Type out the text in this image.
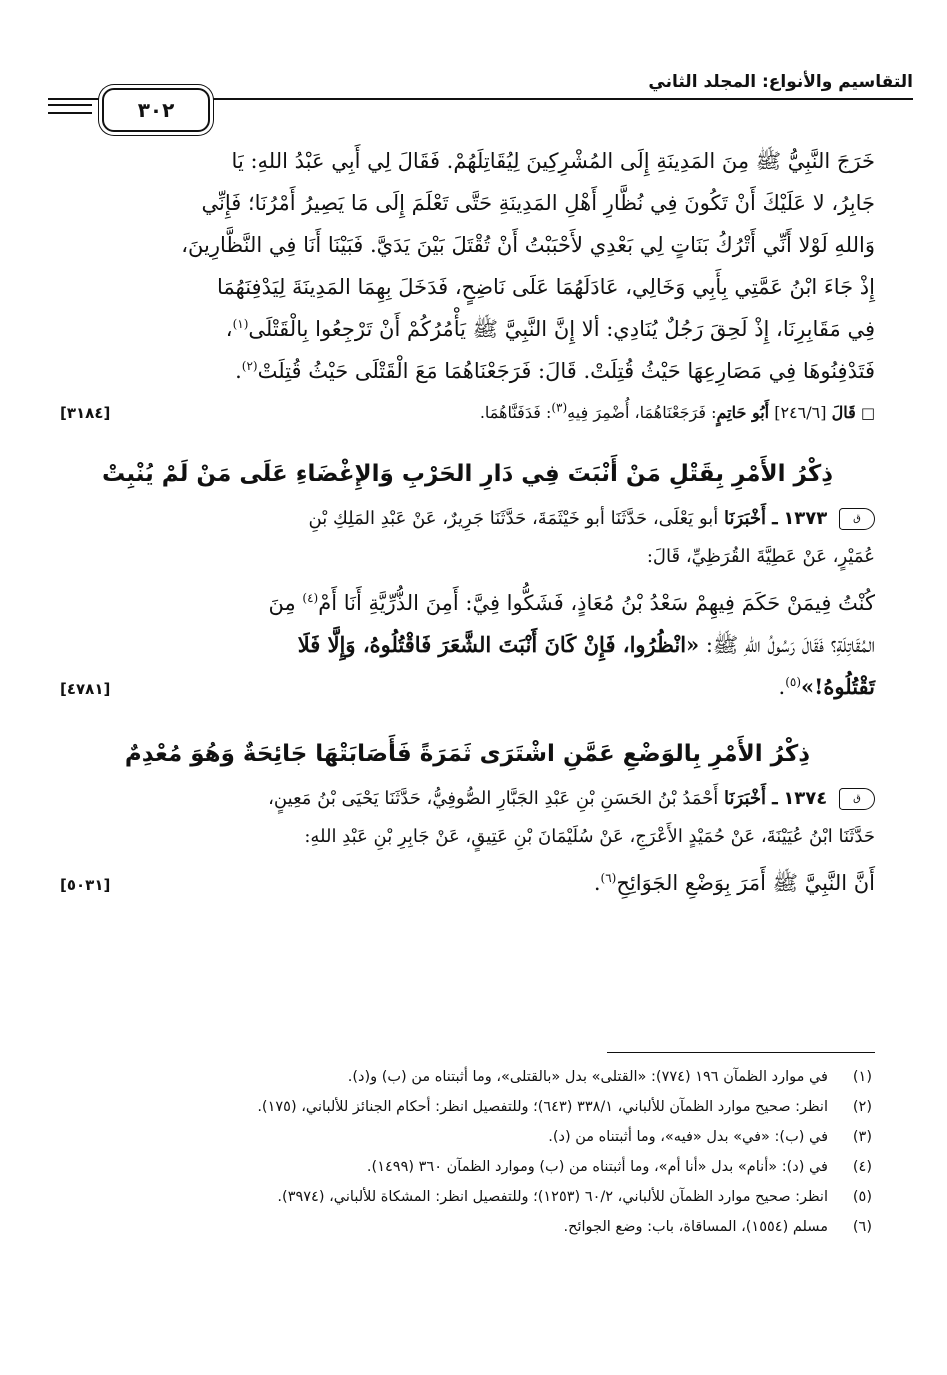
التقاسيم والأنواع: المجلد الثاني
٣٠٢

خَرَجَ النَّبِيُّ ﷺ مِنَ المَدِينَةِ إِلَى المُشْرِكِينَ لِيُقَاتِلَهُمْ. فَقَالَ لِي أَبِي عَبْدُ اللهِ: يَا

جَابِرُ، لا عَلَيْكَ أَنْ تَكُونَ فِي نُظَّارِ أَهْلِ المَدِينَةِ حَتَّى تَعْلَمَ إِلَى مَا يَصِيرُ أَمْرُنَا؛ فَإِنِّي

وَاللهِ لَوْلا أَنِّي أَتْرُكُ بَنَاتٍ لِي بَعْدِي لأَحْبَبْتُ أَنْ تُقْتَلَ بَيْنَ يَدَيَّ. فَبَيْنَا أَنَا فِي النَّظَّارِينَ،

إِذْ جَاءَ ابْنُ عَمَّتِي بِأَبِي وَخَالِي، عَادَلَهُمَا عَلَى نَاضِحٍ، فَدَخَلَ بِهِمَا المَدِينَةَ لِيَدْفِنَهُمَا

فِي مَقَابِرِنَا، إِذْ لَحِقَ رَجُلٌ يُنَادِي: ألا إِنَّ النَّبِيَّ ﷺ يَأْمُرُكُمْ أَنْ تَرْجِعُوا بِالْقَتْلَى$^{(١)}$،

فَتَدْفِنُوهَا فِي مَصَارِعِهَا حَيْثُ قُتِلَتْ. قَالَ: فَرَجَعْنَاهُمَا مَعَ الْقَتْلَى حَيْثُ قُتِلَتْ$^{(٢)}$.

□ قَالَ [٢٤٦/٦] أَبُو حَاتِمٍ: فَرَجَعْنَاهُمَا، أُضْمِرَ فِيهِ$^{(٣)}$: فَدَفَنَّاهُمَا.
[٣١٨٤]
ذِكْرُ الأَمْرِ بِقَتْلِ مَنْ أَنْبَتَ فِي دَارِ الحَرْبِ وَالإِغْضَاءِ عَلَى مَنْ لَمْ يُنْبِتْ

ق ١٣٧٣ ـ أَخْبَرَنَا أبو يَعْلَى، حَدَّثَنَا أبو خَيْثَمَةَ، حَدَّثَنَا جَرِيرٌ، عَنْ عَبْدِ المَلِكِ بْنِ

عُمَيْرٍ، عَنْ عَطِيَّةَ القُرَظِيِّ، قَالَ:

كُنْتُ فِيمَنْ حَكَمَ فِيهِمْ سَعْدُ بْنُ مُعَاذٍ، فَشَكُّوا فِيَّ: أَمِنَ الذُّرِّيَّةِ أَنَا أَمْ$^{(٤)}$ مِنَ

المُقَاتِلَةِ؟ فَقَالَ رَسُولُ اللهِ ﷺ: «انْظُرُوا، فَإِنْ كَانَ أَنْبَتَ الشَّعَرَ فَاقْتُلُوهُ، وَإِلَّا فَلَا

تَقْتُلُوهُ!»$^{(٥)}$.
[٤٧٨١]
ذِكْرُ الأَمْرِ بِالوَضْعِ عَمَّنِ اشْتَرَى ثَمَرَةً فَأَصَابَتْهَا جَائِحَةٌ وَهُوَ مُعْدِمٌ

ق ١٣٧٤ ـ أَخْبَرَنَا أَحْمَدُ بْنُ الحَسَنِ بْنِ عَبْدِ الجَبَّارِ الصُّوفِيُّ، حَدَّثَنَا يَحْيَى بْنُ مَعِينٍ،

حَدَّثَنَا ابْنُ عُيَيْنَةَ، عَنْ حُمَيْدٍ الأَعْرَجِ، عَنْ سُلَيْمَانَ بْنِ عَتِيقٍ، عَنْ جَابِرِ بْنِ عَبْدِ اللهِ:

أَنَّ النَّبِيَّ ﷺ أَمَرَ بِوَضْعِ الجَوَائِحِ$^{(٦)}$.
[٥٠٣١]

(١)
في موارد الظمآن ١٩٦ (٧٧٤): «القتلى» بدل «بالقتلى»، وما أثبتناه من (ب) و(د).

(٢)
انظر: صحيح موارد الظمآن للألباني، ٣٣٨/١ (٦٤٣)؛ وللتفصيل انظر: أحكام الجنائز للألباني، (١٧٥).

(٣)
في (ب): «في» بدل «فيه»، وما أثبتناه من (د).

(٤)
في (د): «أنام» بدل «أنا أم»، وما أثبتناه من (ب) وموارد الظمآن ٣٦٠ (١٤٩٩).

(٥)
انظر: صحيح موارد الظمآن للألباني، ٦٠/٢ (١٢٥٣)؛ وللتفصيل انظر: المشكاة للألباني، (٣٩٧٤).

(٦)
مسلم (١٥٥٤)، المساقاة، باب: وضع الجوائح.
